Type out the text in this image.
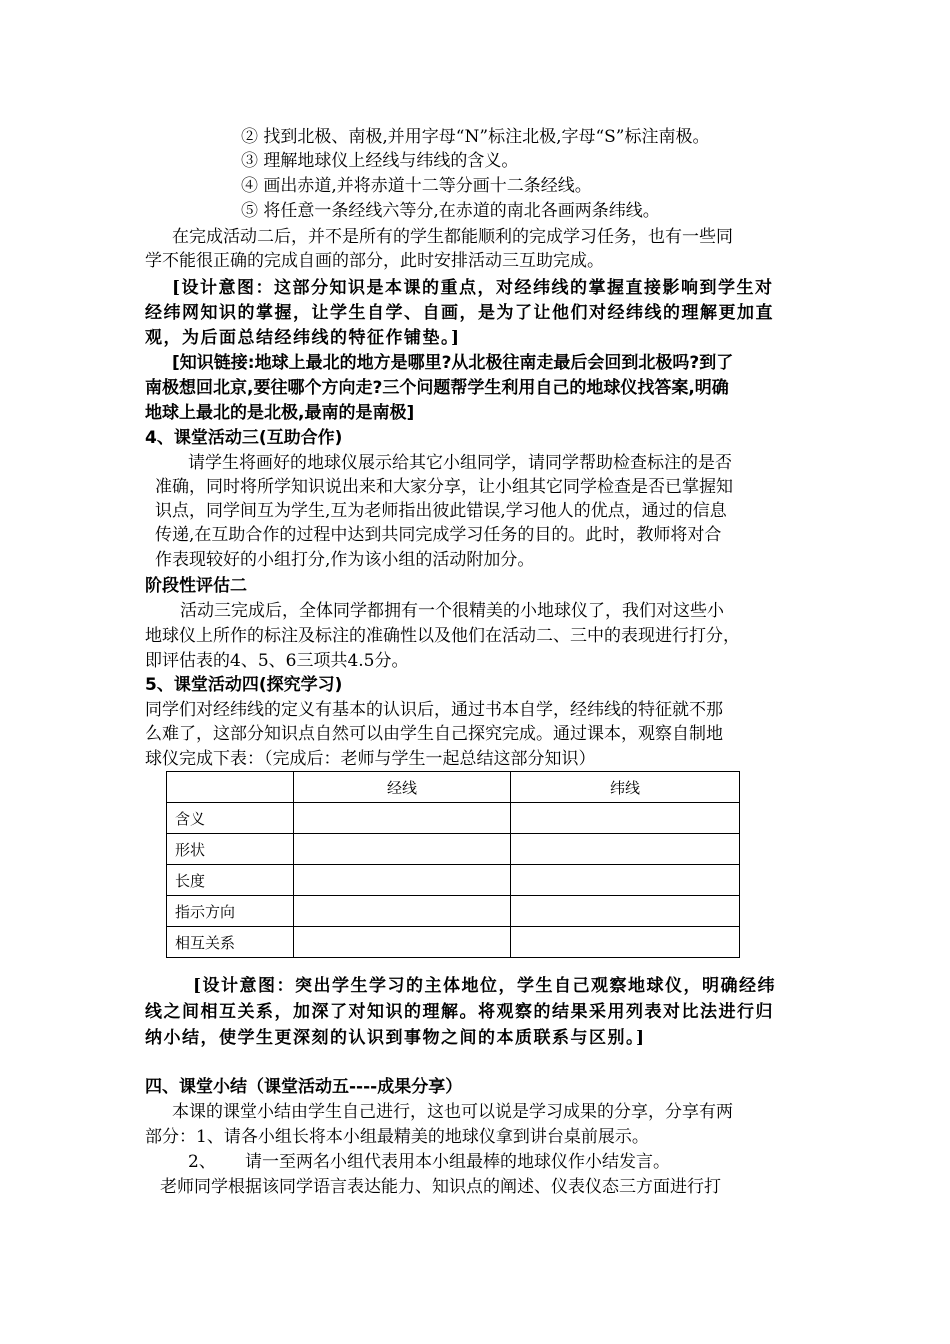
② 找到北极、南极,并用字母“N”标注北极,字母“S”标注南极。
③ 理解地球仪上经线与纬线的含义。
④ 画出赤道,并将赤道十二等分画十二条经线。
⑤ 将任意一条经线六等分,在赤道的南北各画两条纬线。
在完成活动二后，并不是所有的学生都能顺利的完成学习任务，也有一些同
学不能很正确的完成自画的部分，此时安排活动三互助完成。
[设计意图：这部分知识是本课的重点，对经纬线的掌握直接影响到学生对
经纬网知识的掌握，让学生自学、自画，是为了让他们对经纬线的理解更加直
观，为后面总结经纬线的特征作铺垫。]
[知识链接:地球上最北的地方是哪里?从北极往南走最后会回到北极吗?到了
南极想回北京,要往哪个方向走?三个问题帮学生利用自己的地球仪找答案,明确
地球上最北的是北极,最南的是南极]
4、课堂活动三(互助合作)
请学生将画好的地球仪展示给其它小组同学，请同学帮助检查标注的是否
准确，同时将所学知识说出来和大家分享，让小组其它同学检查是否已掌握知
识点，同学间互为学生,互为老师指出彼此错误,学习他人的优点，通过的信息
传递,在互助合作的过程中达到共同完成学习任务的目的。此时，教师将对合
作表现较好的小组打分,作为该小组的活动附加分。
阶段性评估二
活动三完成后，全体同学都拥有一个很精美的小地球仪了，我们对这些小
地球仪上所作的标注及标注的准确性以及他们在活动二、三中的表现进行打分，
即评估表的4、5、6三项共4.5分。
5、课堂活动四(探究学习)
同学们对经纬线的定义有基本的认识后，通过书本自学，经纬线的特征就不那
么难了，这部分知识点自然可以由学生自己探究完成。通过课本，观察自制地
球仪完成下表：（完成后：老师与学生一起总结这部分知识）
	经线	纬线
含义		
形状		
长度		
指示方向		
相互关系		
[设计意图：突出学生学习的主体地位，学生自己观察地球仪，明确经纬
线之间相互关系，加深了对知识的理解。将观察的结果采用列表对比法进行归
纳小结，使学生更深刻的认识到事物之间的本质联系与区别。]
四、课堂小结（课堂活动五----成果分享）
本课的课堂小结由学生自己进行，这也可以说是学习成果的分享，分享有两
部分：1、请各小组长将本小组最精美的地球仪拿到讲台桌前展示。
2、 请一至两名小组代表用本小组最棒的地球仪作小结发言。
老师同学根据该同学语言表达能力、知识点的阐述、仪表仪态三方面进行打
